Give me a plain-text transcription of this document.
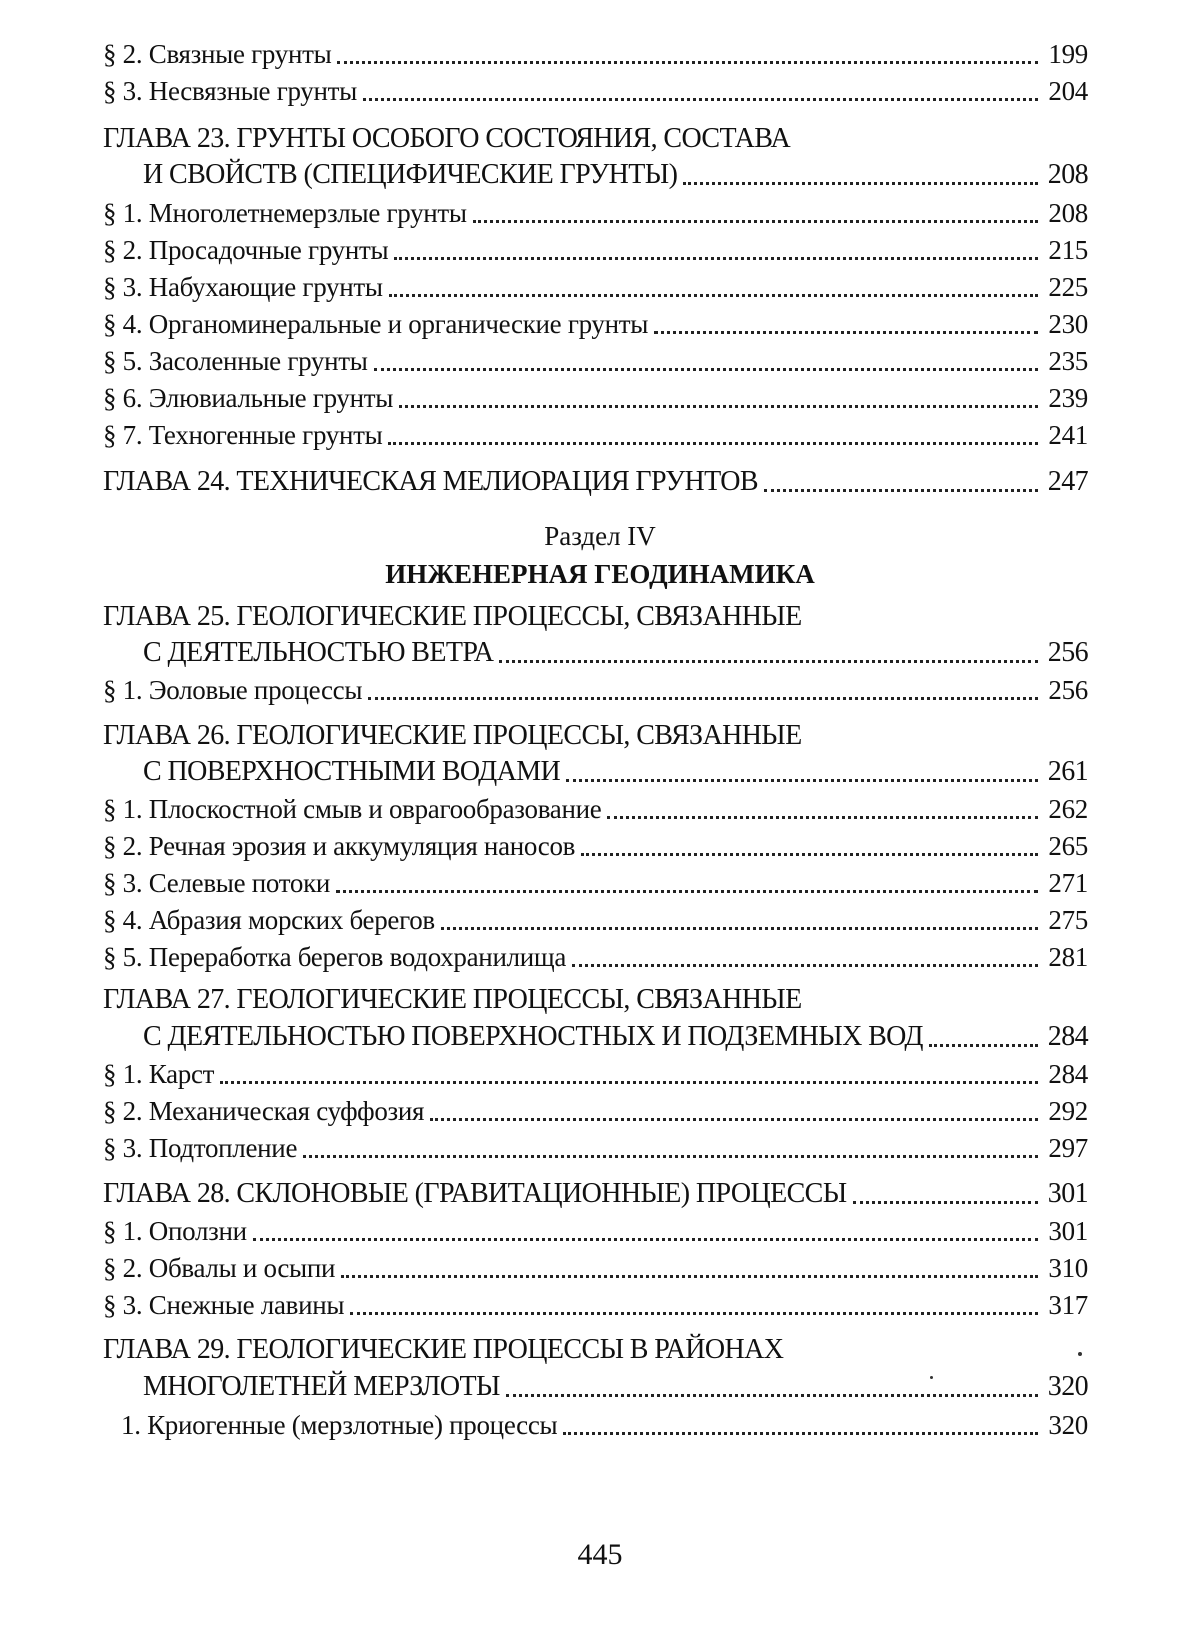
§ 2. Связные грунты	199
§ 3. Несвязные грунты	204
ГЛАВА 23. ГРУНТЫ ОСОБОГО СОСТОЯНИЯ, СОСТАВА
И СВОЙСТВ (СПЕЦИФИЧЕСКИЕ ГРУНТЫ)	208
§ 1. Многолетнемерзлые грунты	208
§ 2. Просадочные грунты	215
§ 3. Набухающие грунты	225
§ 4. Органоминеральные и органические грунты	230
§ 5. Засоленные грунты	235
§ 6. Элювиальные грунты	239
§ 7. Техногенные грунты	241
ГЛАВА 24. ТЕХНИЧЕСКАЯ МЕЛИОРАЦИЯ ГРУНТОВ	247
Раздел IV
ИНЖЕНЕРНАЯ ГЕОДИНАМИКА
ГЛАВА 25. ГЕОЛОГИЧЕСКИЕ ПРОЦЕССЫ, СВЯЗАННЫЕ
С ДЕЯТЕЛЬНОСТЬЮ ВЕТРА	256
§ 1. Эоловые процессы	256
ГЛАВА 26. ГЕОЛОГИЧЕСКИЕ ПРОЦЕССЫ, СВЯЗАННЫЕ
С ПОВЕРХНОСТНЫМИ ВОДАМИ	261
§ 1. Плоскостной смыв и оврагообразование	262
§ 2. Речная эрозия и аккумуляция наносов	265
§ 3. Селевые потоки	271
§ 4. Абразия морских берегов	275
§ 5. Переработка берегов водохранилища	281
ГЛАВА 27. ГЕОЛОГИЧЕСКИЕ ПРОЦЕССЫ, СВЯЗАННЫЕ
С ДЕЯТЕЛЬНОСТЬЮ ПОВЕРХНОСТНЫХ И ПОДЗЕМНЫХ ВОД	284
§ 1. Карст	284
§ 2. Механическая суффозия	292
§ 3. Подтопление	297
ГЛАВА 28. СКЛОНОВЫЕ (ГРАВИТАЦИОННЫЕ) ПРОЦЕССЫ	301
§ 1. Оползни	301
§ 2. Обвалы и осыпи	310
§ 3. Снежные лавины	317
ГЛАВА 29. ГЕОЛОГИЧЕСКИЕ ПРОЦЕССЫ В РАЙОНАХ
МНОГОЛЕТНЕЙ МЕРЗЛОТЫ	320
1. Криогенные (мерзлотные) процессы	320
445
